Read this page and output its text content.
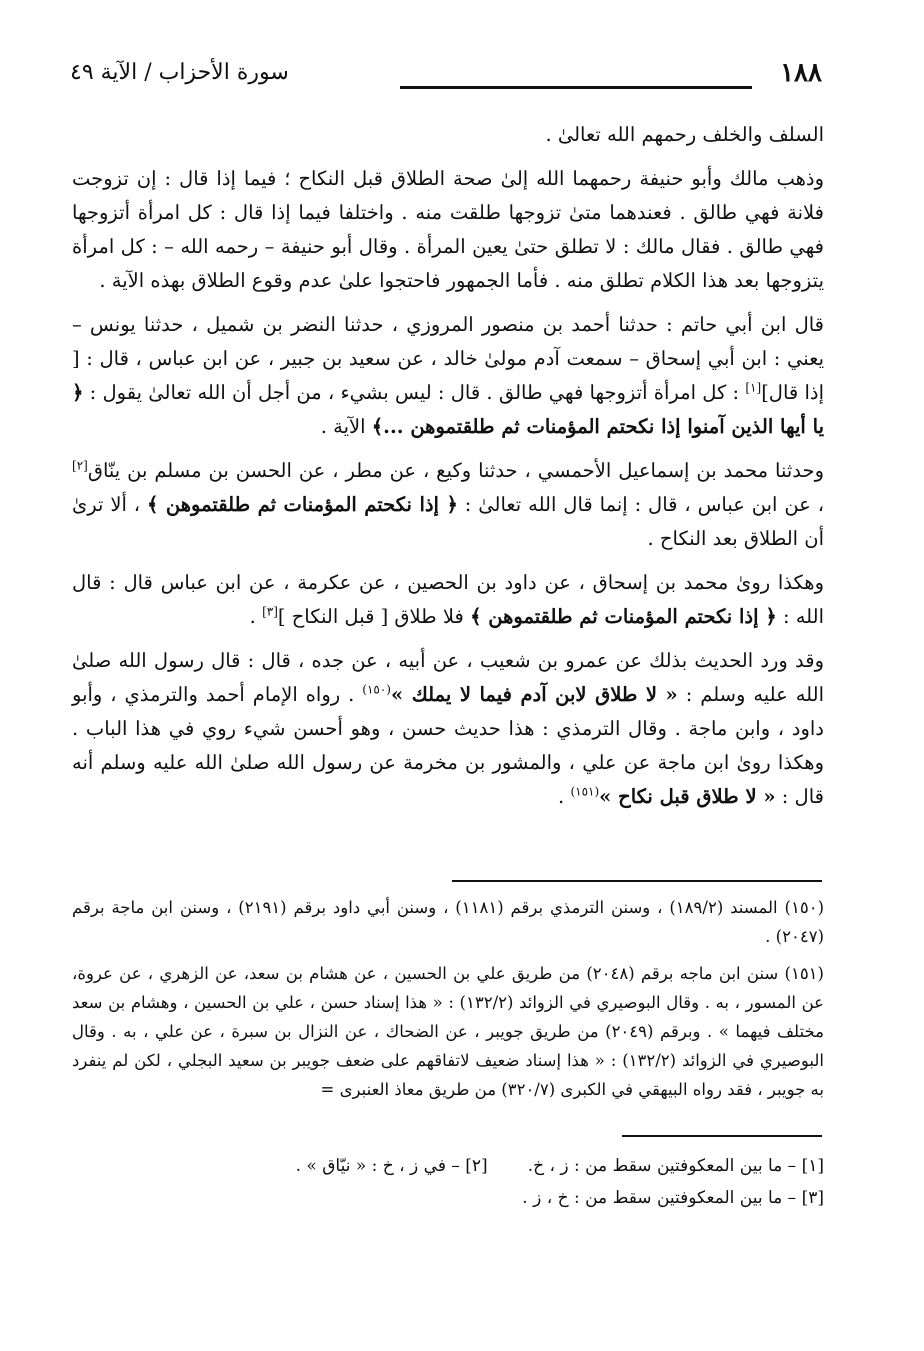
١٨٨
سورة الأحزاب / الآية ٤٩

السلف والخلف رحمهم الله تعالىٰ .

وذهب مالك وأبو حنيفة رحمهما الله إلىٰ صحة الطلاق قبل النكاح ؛ فيما إذا قال : إن تزوجت فلانة فهي طالق . فعندهما متىٰ تزوجها طلقت منه . واختلفا فيما إذا قال : كل امرأة أتزوجها فهي طالق . فقال مالك : لا تطلق حتىٰ يعين المرأة . وقال أبو حنيفة – رحمه الله – : كل امرأة يتزوجها بعد هذا الكلام تطلق منه . فأما الجمهور فاحتجوا علىٰ عدم وقوع الطلاق بهذه الآية .

قال ابن أبي حاتم : حدثنا أحمد بن منصور المروزي ، حدثنا النضر بن شميل ، حدثنا يونس – يعني : ابن أبي إسحاق – سمعت آدم مولىٰ خالد ، عن سعيد بن جبير ، عن ابن عباس ، قال : [ إذا قال][١] : كل امرأة أتزوجها فهي طالق . قال : ليس بشيء ، من أجل أن الله تعالىٰ يقول : ﴿ يا أيها الذين آمنوا إذا نكحتم المؤمنات ثم طلقتموهن ...﴾ الآية .

وحدثنا محمد بن إسماعيل الأحمسي ، حدثنا وكيع ، عن مطر ، عن الحسن بن مسلم بن ينّاق[٢] ، عن ابن عباس ، قال : إنما قال الله تعالىٰ : ﴿ إذا نكحتم المؤمنات ثم طلقتموهن ﴾ ، ألا ترىٰ أن الطلاق بعد النكاح .

وهكذا روىٰ محمد بن إسحاق ، عن داود بن الحصين ، عن عكرمة ، عن ابن عباس قال : قال الله : ﴿ إذا نكحتم المؤمنات ثم طلقتموهن ﴾ فلا طلاق [ قبل النكاح ][٣] .

وقد ورد الحديث بذلك عن عمرو بن شعيب ، عن أبيه ، عن جده ، قال : قال رسول الله صلىٰ الله عليه وسلم : « لا طلاق لابن آدم فيما لا يملك »$^{(١٥٠)}$ . رواه الإمام أحمد والترمذي ، وأبو داود ، وابن ماجة . وقال الترمذي : هذا حديث حسن ، وهو أحسن شيء روي في هذا الباب . وهكذا روىٰ ابن ماجة عن علي ، والمشور بن مخرمة عن رسول الله صلىٰ الله عليه وسلم أنه قال : « لا طلاق قبل نكاح »$^{(١٥١)}$ .

(١٥٠) المسند (١٨٩/٢) ، وسنن الترمذي برقم (١١٨١) ، وسنن أبي داود برقم (٢١٩١) ، وسنن ابن ماجة برقم (٢٠٤٧) .

(١٥١) سنن ابن ماجه برقم (٢٠٤٨) من طريق علي بن الحسين ، عن هشام بن سعد، عن الزهري ، عن عروة، عن المسور ، به . وقال البوصيري في الزوائد (١٣٢/٢) : « هذا إسناد حسن ، علي بن الحسين ، وهشام بن سعد مختلف فيهما » . وبرقم (٢٠٤٩) من طريق جويبر ، عن الضحاك ، عن النزال بن سبرة ، عن علي ، به . وقال البوصيري في الزوائد (١٣٢/٢) : « هذا إسناد ضعيف لاتفاقهم على ضعف جويبر بن سعيد البجلي ، لكن لم ينفرد به جويبر ، فقد رواه البيهقي في الكبرى (٣٢٠/٧) من طريق معاذ العنبرى =

[١] – ما بين المعكوفتين سقط من : ز ، خ.
[٢] – في ز ، خ : « نيّاق » .
[٣] – ما بين المعكوفتين سقط من : خ ، ز .
